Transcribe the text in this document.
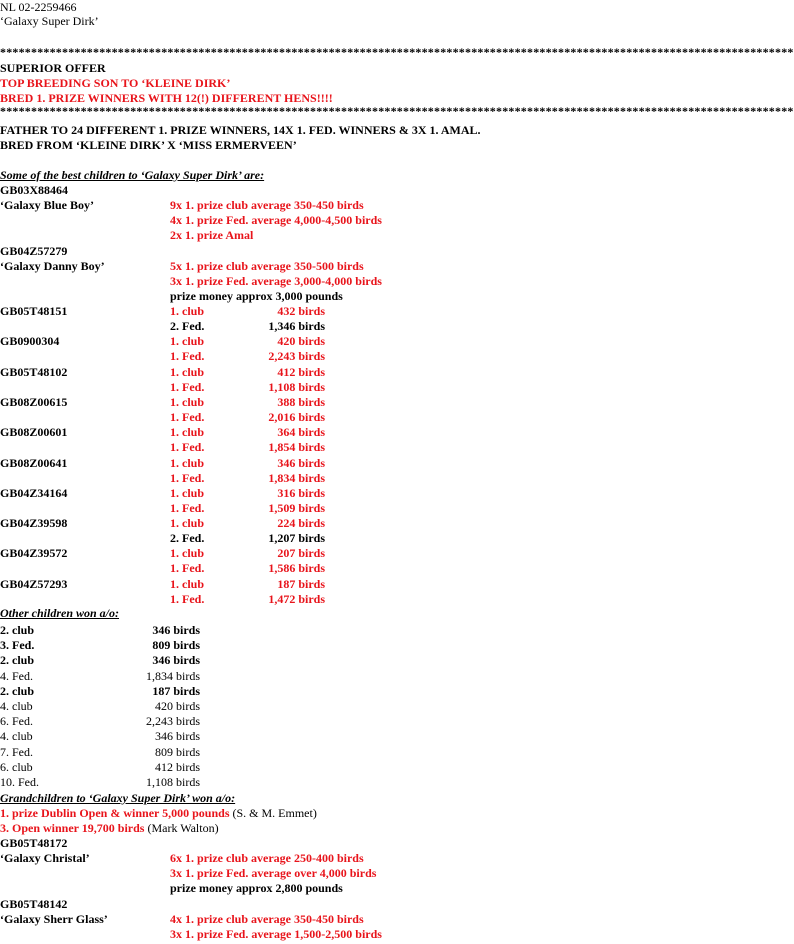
NL 02-2259466
‘Galaxy Super Dirk’
********************************************************************************************************************************
SUPERIOR OFFER
TOP BREEDING SON TO ‘KLEINE DIRK’
BRED 1. PRIZE WINNERS WITH 12(!) DIFFERENT HENS!!!!
********************************************************************************************************************************
FATHER TO 24 DIFFERENT 1. PRIZE WINNERS, 14X 1. FED. WINNERS & 3X 1. AMAL.
BRED FROM ‘KLEINE DIRK’ X ‘MISS ERMERVEEN’
Some of the best children to ‘Galaxy Super Dirk’ are:
GB03X88464
‘Galaxy Blue Boy’	9x 1. prize club average 350-450 birds
4x 1. prize Fed. average 4,000-4,500 birds
2x 1. prize Amal
GB04Z57279
‘Galaxy Danny Boy’	5x 1. prize club average 350-500 birds
3x 1. prize Fed. average 3,000-4,000 birds
prize money approx 3,000 pounds
GB05T48151	1. club	432 birds
2. Fed.	1,346 birds
GB0900304	1. club	420 birds
1. Fed.	2,243 birds
GB05T48102	1. club	412 birds
1. Fed.	1,108 birds
GB08Z00615	1. club	388 birds
1. Fed.	2,016 birds
GB08Z00601	1. club	364 birds
1. Fed.	1,854 birds
GB08Z00641	1. club	346 birds
1. Fed.	1,834 birds
GB04Z34164	1. club	316 birds
1. Fed.	1,509 birds
GB04Z39598	1. club	224 birds
2. Fed.	1,207 birds
GB04Z39572	1. club	207 birds
1. Fed.	1,586 birds
GB04Z57293	1. club	187 birds
1. Fed.	1,472 birds
Other children won a/o:
2. club	346 birds
3. Fed.	809 birds
2. club	346 birds
4. Fed.	1,834 birds
2. club	187 birds
4. club	420 birds
6. Fed.	2,243 birds
4. club	346 birds
7. Fed.	809 birds
6. club	412 birds
10. Fed.	1,108 birds
Grandchildren to ‘Galaxy Super Dirk’ won a/o:
1. prize Dublin Open & winner 5,000 pounds (S. & M. Emmet)
3. Open winner 19,700 birds (Mark Walton)
GB05T48172
‘Galaxy Christal’	6x 1. prize club average 250-400 birds
3x 1. prize Fed. average over 4,000 birds
prize money approx 2,800 pounds
GB05T48142
‘Galaxy Sherr Glass’	4x 1. prize club average 350-450 birds
3x 1. prize Fed. average 1,500-2,500 birds
